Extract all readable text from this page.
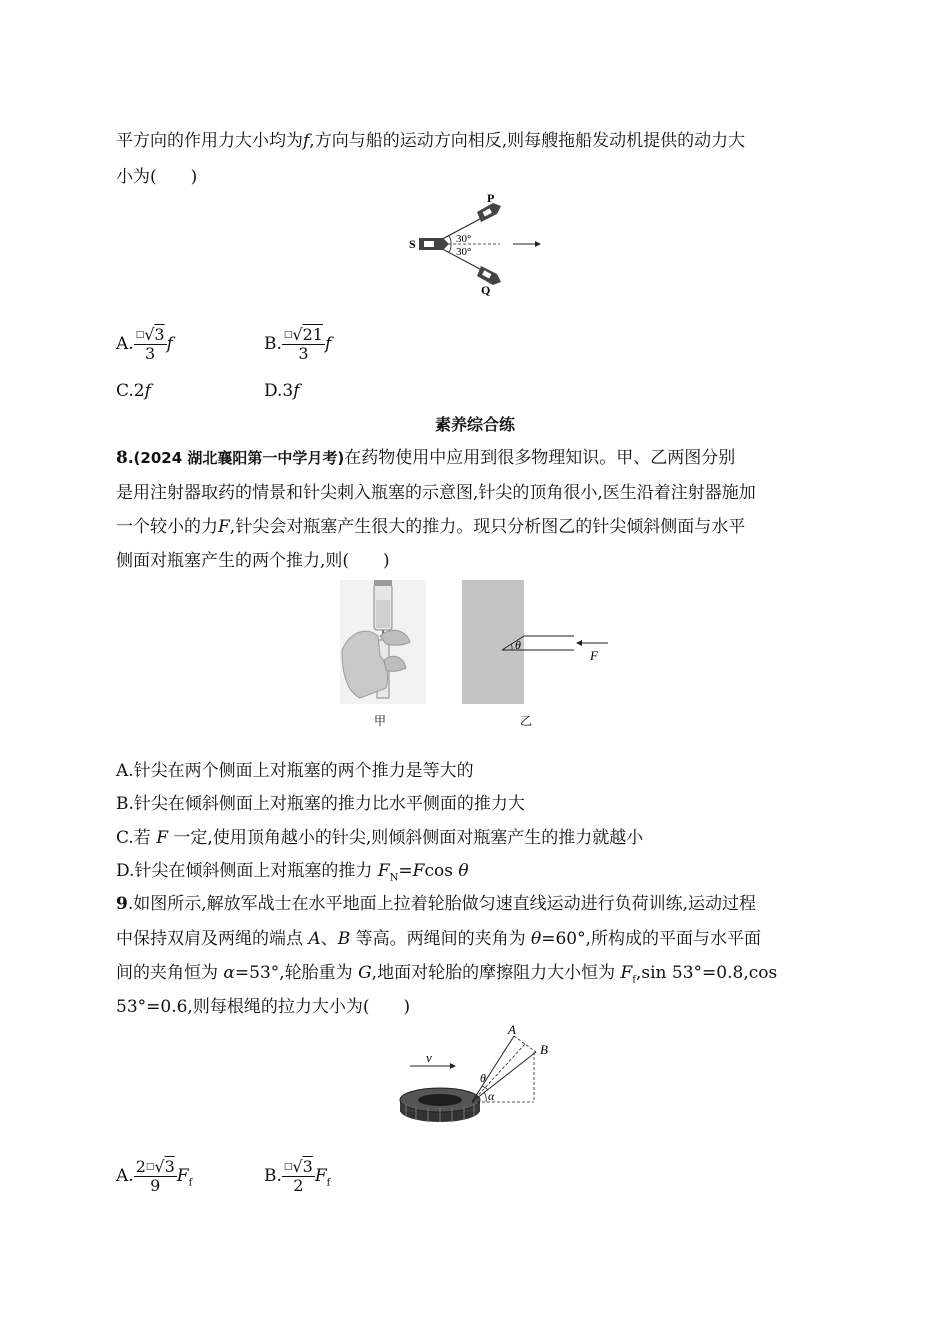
平方向的作用力大小均为f,方向与船的运动方向相反,则每艘拖船发动机提供的动力大
小为(　　)
P
S
Q
30°
30°
A. $\frac{^□√3}{3}$ f	B. $\frac{^□√21}{3}$ f
C.2f	D.3f
素养综合练
8.(2024 湖北襄阳第一中学月考)在药物使用中应用到很多物理知识。甲、乙两图分别
是用注射器取药的情景和针尖刺入瓶塞的示意图,针尖的顶角很小,医生沿着注射器施加
一个较小的力F,针尖会对瓶塞产生很大的推力。现只分析图乙的针尖倾斜侧面与水平
侧面对瓶塞产生的两个推力,则(　　)
甲
θ
F
乙
A.针尖在两个侧面上对瓶塞的两个推力是等大的
B.针尖在倾斜侧面上对瓶塞的推力比水平侧面的推力大
C.若 F 一定,使用顶角越小的针尖,则倾斜侧面对瓶塞产生的推力就越小
D.针尖在倾斜侧面上对瓶塞的推力 $F_N=Fcos$ θ
9.如图所示,解放军战士在水平地面上拉着轮胎做匀速直线运动进行负荷训练,运动过程
中保持双肩及两绳的端点 A、B 等高。两绳间的夹角为 θ=60°,所构成的平面与水平面
间的夹角恒为 α=53°,轮胎重为 G,地面对轮胎的摩擦阻力大小恒为 $F_f,\sin$ 53°=0.8,cos
53°=0.6,则每根绳的拉力大小为(　　)
v
A
B
θ
α
A. $\frac{2^□√3}{9} F_f$	B. $\frac{^□√3}{2} F_f$
